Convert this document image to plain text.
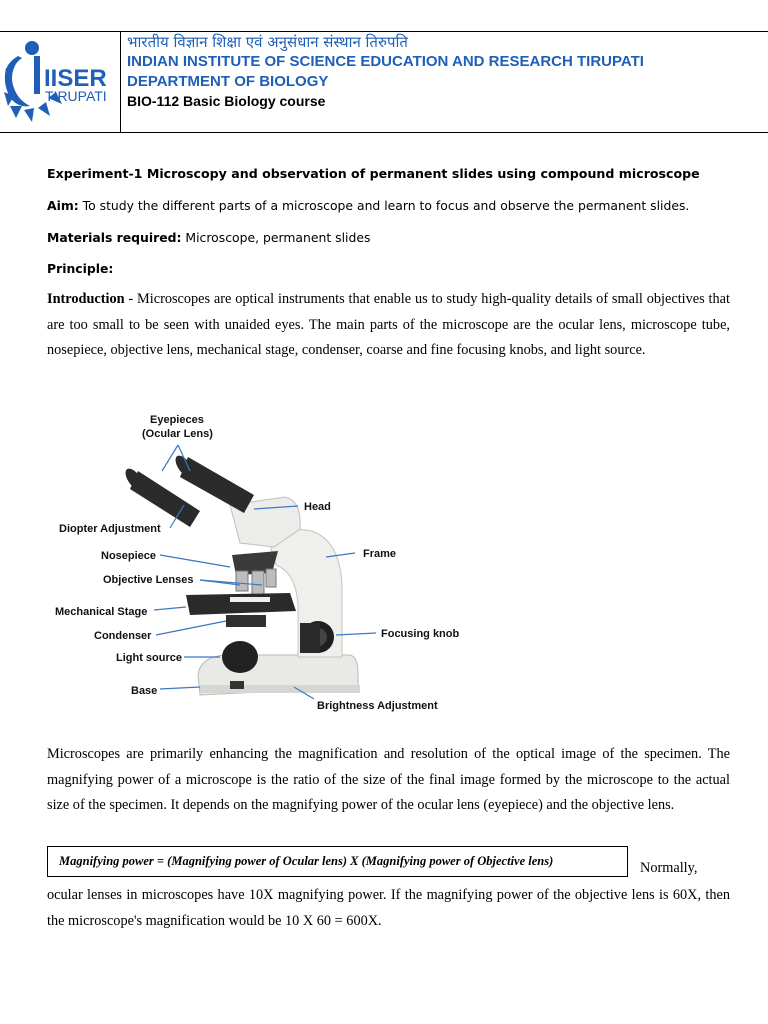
IISER
TIRUPATI
भारतीय विज्ञान शिक्षा एवं अनुसंधान संस्थान तिरुपति
INDIAN INSTITUTE OF SCIENCE EDUCATION AND RESEARCH TIRUPATI
DEPARTMENT OF BIOLOGY
BIO-112 Basic Biology course
Experiment-1 Microscopy and observation of permanent slides using compound microscope
Aim: To study the different parts of a microscope and learn to focus and observe the permanent slides.
Materials required: Microscope, permanent slides
Principle:
Introduction - Microscopes are optical instruments that enable us to study high-quality details of small objectives that are too small to be seen with unaided eyes. The main parts of the microscope are the ocular lens, microscope tube, nosepiece, objective lens, mechanical stage, condenser, coarse and fine focusing knobs, and light source.
Eyepieces
(Ocular Lens)
Head
Diopter Adjustment
Nosepiece	Frame
Objective Lenses
Mechanical Stage
Focusing knob
Condenser
Light source
Base
Brightness Adjustment
Microscopes are primarily enhancing the magnification and resolution of the optical image of the specimen. The magnifying power of a microscope is the ratio of the size of the final image formed by the microscope to the actual size of the specimen. It depends on the magnifying power of the ocular lens (eyepiece) and the objective lens.
Magnifying power = (Magnifying power of Ocular lens) X (Magnifying power of Objective lens)	Normally,
ocular lenses in microscopes have 10X magnifying power. If the magnifying power of the objective lens is 60X, then the microscope's magnification would be 10 X 60 = 600X.
